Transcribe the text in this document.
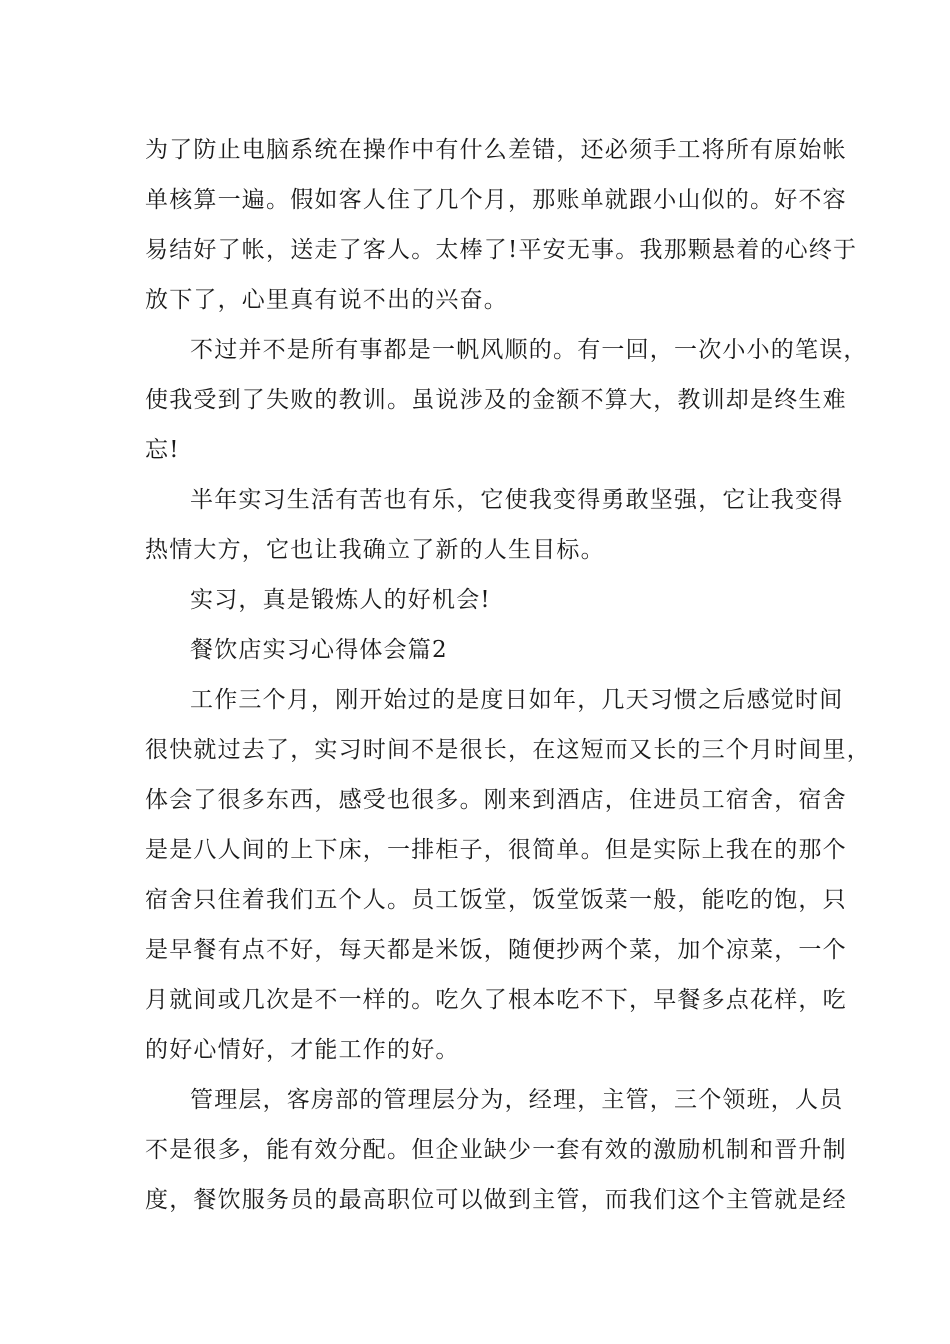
为了防止电脑系统在操作中有什么差错，还必须手工将所有原始帐
单核算一遍。假如客人住了几个月，那账单就跟小山似的。好不容
易结好了帐，送走了客人。太棒了!平安无事。我那颗悬着的心终于
放下了，心里真有说不出的兴奋。
不过并不是所有事都是一帆风顺的。有一回，一次小小的笔误，
使我受到了失败的教训。虽说涉及的金额不算大，教训却是终生难
忘!
半年实习生活有苦也有乐，它使我变得勇敢坚强，它让我变得
热情大方，它也让我确立了新的人生目标。
实习，真是锻炼人的好机会!
餐饮店实习心得体会篇2
工作三个月，刚开始过的是度日如年，几天习惯之后感觉时间
很快就过去了，实习时间不是很长，在这短而又长的三个月时间里，
体会了很多东西，感受也很多。刚来到酒店，住进员工宿舍，宿舍
是是八人间的上下床，一排柜子，很简单。但是实际上我在的那个
宿舍只住着我们五个人。员工饭堂，饭堂饭菜一般，能吃的饱，只
是早餐有点不好，每天都是米饭，随便抄两个菜，加个凉菜，一个
月就间或几次是不一样的。吃久了根本吃不下，早餐多点花样，吃
的好心情好，才能工作的好。
管理层，客房部的管理层分为，经理，主管，三个领班，人员
不是很多，能有效分配。但企业缺少一套有效的激励机制和晋升制
度，餐饮服务员的最高职位可以做到主管，而我们这个主管就是经
